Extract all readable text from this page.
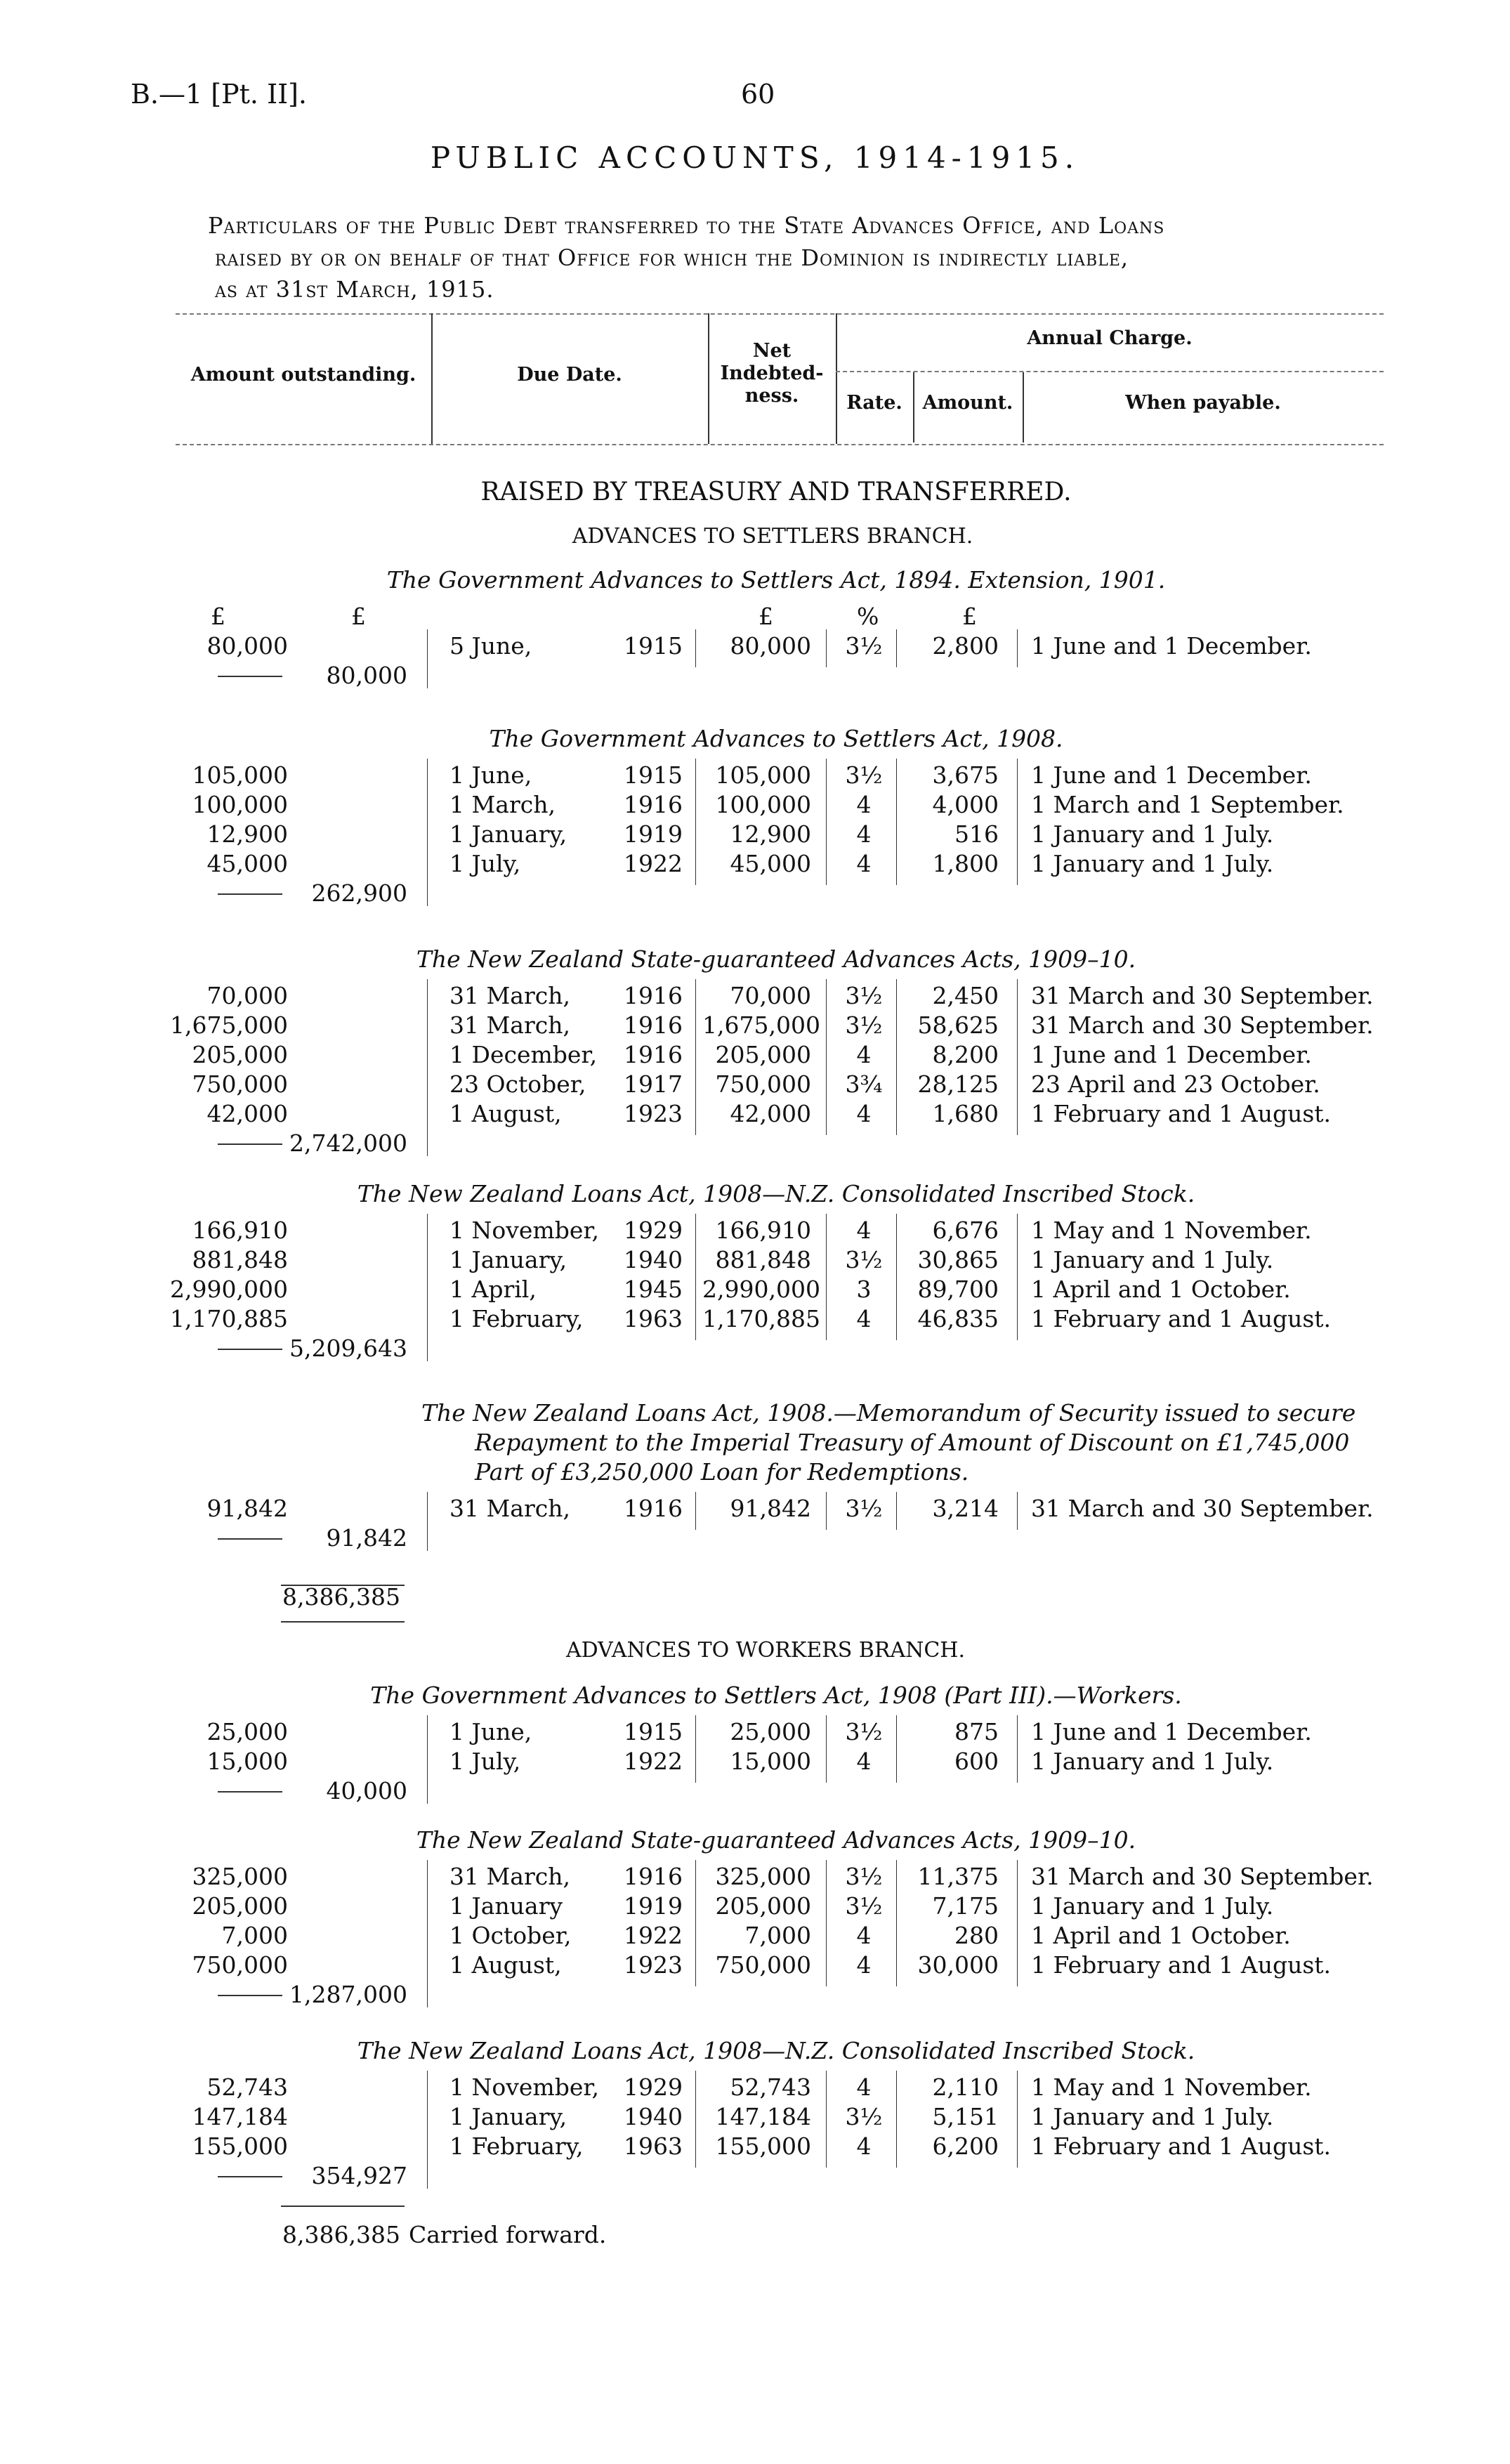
B.—1 [Pt. II].	60
PUBLIC ACCOUNTS, 1914-1915.
Particulars of the Public Debt transferred to the State Advances Office, and Loans
raised by or on behalf of that Office for which the Dominion is indirectly liable,
as at 31st March, 1915.
Amount outstanding.	Due Date.
Net
Indebted-
ness.
Annual Charge.
Rate.	Amount.	When payable.
RAISED BY TREASURY AND TRANSFERRED.
ADVANCES TO SETTLERS BRANCH.
The Government Advances to Settlers Act, 1894. Extension, 1901.
£	£	£	%	£
80,000	5 June,	1915	80,000	3½	2,800 1 June and 1 December.
80,000
The Government Advances to Settlers Act, 1908.
105,000	1 June,	1915	105,000	3½	3,675 1 June and 1 December.
100,000	1 March,	1916	100,000	4	4,000 1 March and 1 September.
12,900	1 January,	1919	12,900	4	516 1 January and 1 July.
45,000	1 July,	1922	45,000	4	1,800 1 January and 1 July.
262,900
The New Zealand State-guaranteed Advances Acts, 1909–10.
70,000	31 March,	1916	70,000	3½	2,450 31 March and 30 September.
1,675,000	31 March,	1916 1,675,000	3½	58,625 31 March and 30 September.
205,000	1 December,	1916	205,000	4	8,200 1 June and 1 December.
750,000	23 October,	1917	750,000	3¾	28,125 23 April and 23 October.
42,000	1 August,	1923	42,000	4	1,680 1 February and 1 August.
2,742,000
The New Zealand Loans Act, 1908—N.Z. Consolidated Inscribed Stock.
166,910	1 November,	1929	166,910	4	6,676 1 May and 1 November.
881,848	1 January,	1940	881,848	3½	30,865 1 January and 1 July.
2,990,000	1 April,	1945 2,990,000	3	89,700 1 April and 1 October.
1,170,885	1 February,	1963 1,170,885	4	46,835 1 February and 1 August.
5,209,643
The New Zealand Loans Act, 1908.—Memorandum of Security issued to secure
Repayment to the Imperial Treasury of Amount of Discount on £1,745,000
Part of £3,250,000 Loan for Redemptions.
91,842	31 March,	1916	91,842	3½	3,214 31 March and 30 September.
91,842
The Government Advances to Settlers Act, 1908 (Part III).—Workers.
25,000	1 June,	1915	25,000	3½	875 1 June and 1 December.
15,000	1 July,	1922	15,000	4	600 1 January and 1 July.
40,000
The New Zealand State-guaranteed Advances Acts, 1909–10.
325,000	31 March,	1916	325,000	3½	11,375 31 March and 30 September.
205,000	1 January	1919	205,000	3½	7,175 1 January and 1 July.
7,000	1 October,	1922	7,000	4	280 1 April and 1 October.
750,000	1 August,	1923	750,000	4	30,000 1 February and 1 August.
1,287,000
The New Zealand Loans Act, 1908—N.Z. Consolidated Inscribed Stock.
52,743	1 November,	1929	52,743	4	2,110 1 May and 1 November.
147,184	1 January,	1940	147,184	3½	5,151 1 January and 1 July.
155,000	1 February,	1963	155,000	4	6,200 1 February and 1 August.
354,927
8,386,385
ADVANCES TO WORKERS BRANCH.
8,386,385 Carried forward.
